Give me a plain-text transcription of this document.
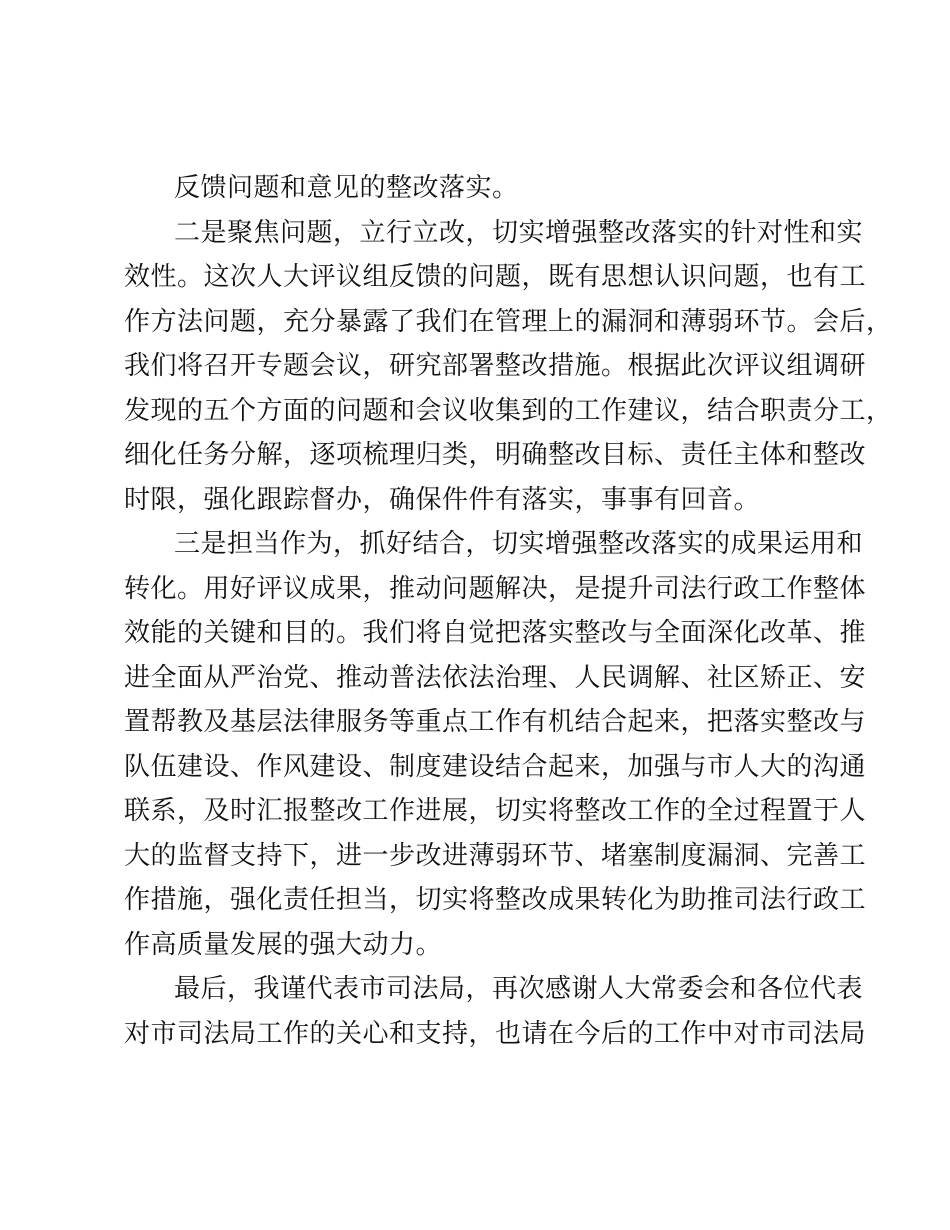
反馈问题和意见的整改落实。
二是聚焦问题，立行立改，切实增强整改落实的针对性和实
效性。这次人大评议组反馈的问题，既有思想认识问题，也有工
作方法问题，充分暴露了我们在管理上的漏洞和薄弱环节。会后，
我们将召开专题会议，研究部署整改措施。根据此次评议组调研
发现的五个方面的问题和会议收集到的工作建议，结合职责分工，
细化任务分解，逐项梳理归类，明确整改目标、责任主体和整改
时限，强化跟踪督办，确保件件有落实，事事有回音。
三是担当作为，抓好结合，切实增强整改落实的成果运用和
转化。用好评议成果，推动问题解决，是提升司法行政工作整体
效能的关键和目的。我们将自觉把落实整改与全面深化改革、推
进全面从严治党、推动普法依法治理、人民调解、社区矫正、安
置帮教及基层法律服务等重点工作有机结合起来，把落实整改与
队伍建设、作风建设、制度建设结合起来，加强与市人大的沟通
联系，及时汇报整改工作进展，切实将整改工作的全过程置于人
大的监督支持下，进一步改进薄弱环节、堵塞制度漏洞、完善工
作措施，强化责任担当，切实将整改成果转化为助推司法行政工
作高质量发展的强大动力。
最后，我谨代表市司法局，再次感谢人大常委会和各位代表
对市司法局工作的关心和支持，也请在今后的工作中对市司法局
